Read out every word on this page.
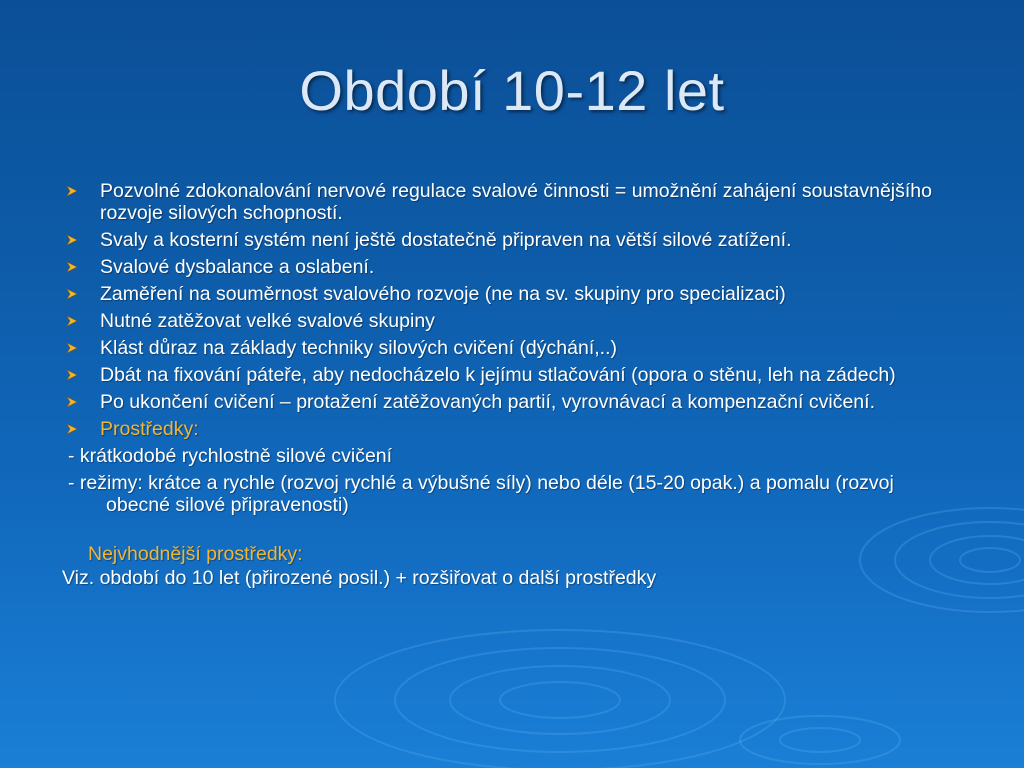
Období 10-12 let
Pozvolné zdokonalování nervové regulace svalové činnosti = umožnění zahájení soustavnějšího rozvoje silových schopností.
Svaly a kosterní systém není ještě dostatečně připraven na větší silové zatížení.
Svalové dysbalance a oslabení.
Zaměření na souměrnost svalového rozvoje (ne na sv. skupiny pro specializaci)
Nutné zatěžovat velké svalové skupiny
Klást důraz na základy techniky silových cvičení (dýchání,..)
Dbát na fixování páteře, aby nedocházelo k jejímu stlačování (opora o stěnu, leh na zádech)
Po ukončení cvičení – protažení zatěžovaných partií, vyrovnávací a kompenzační cvičení.
Prostředky:

- krátkodobé rychlostně silové cvičení

- režimy: krátce a rychle (rozvoj rychlé a výbušné síly) nebo déle (15-20 opak.) a pomalu (rozvoj obecné silové připravenosti)

Nejvhodnější prostředky:

Viz. období do 10 let (přirozené posil.) + rozšiřovat o další prostředky
